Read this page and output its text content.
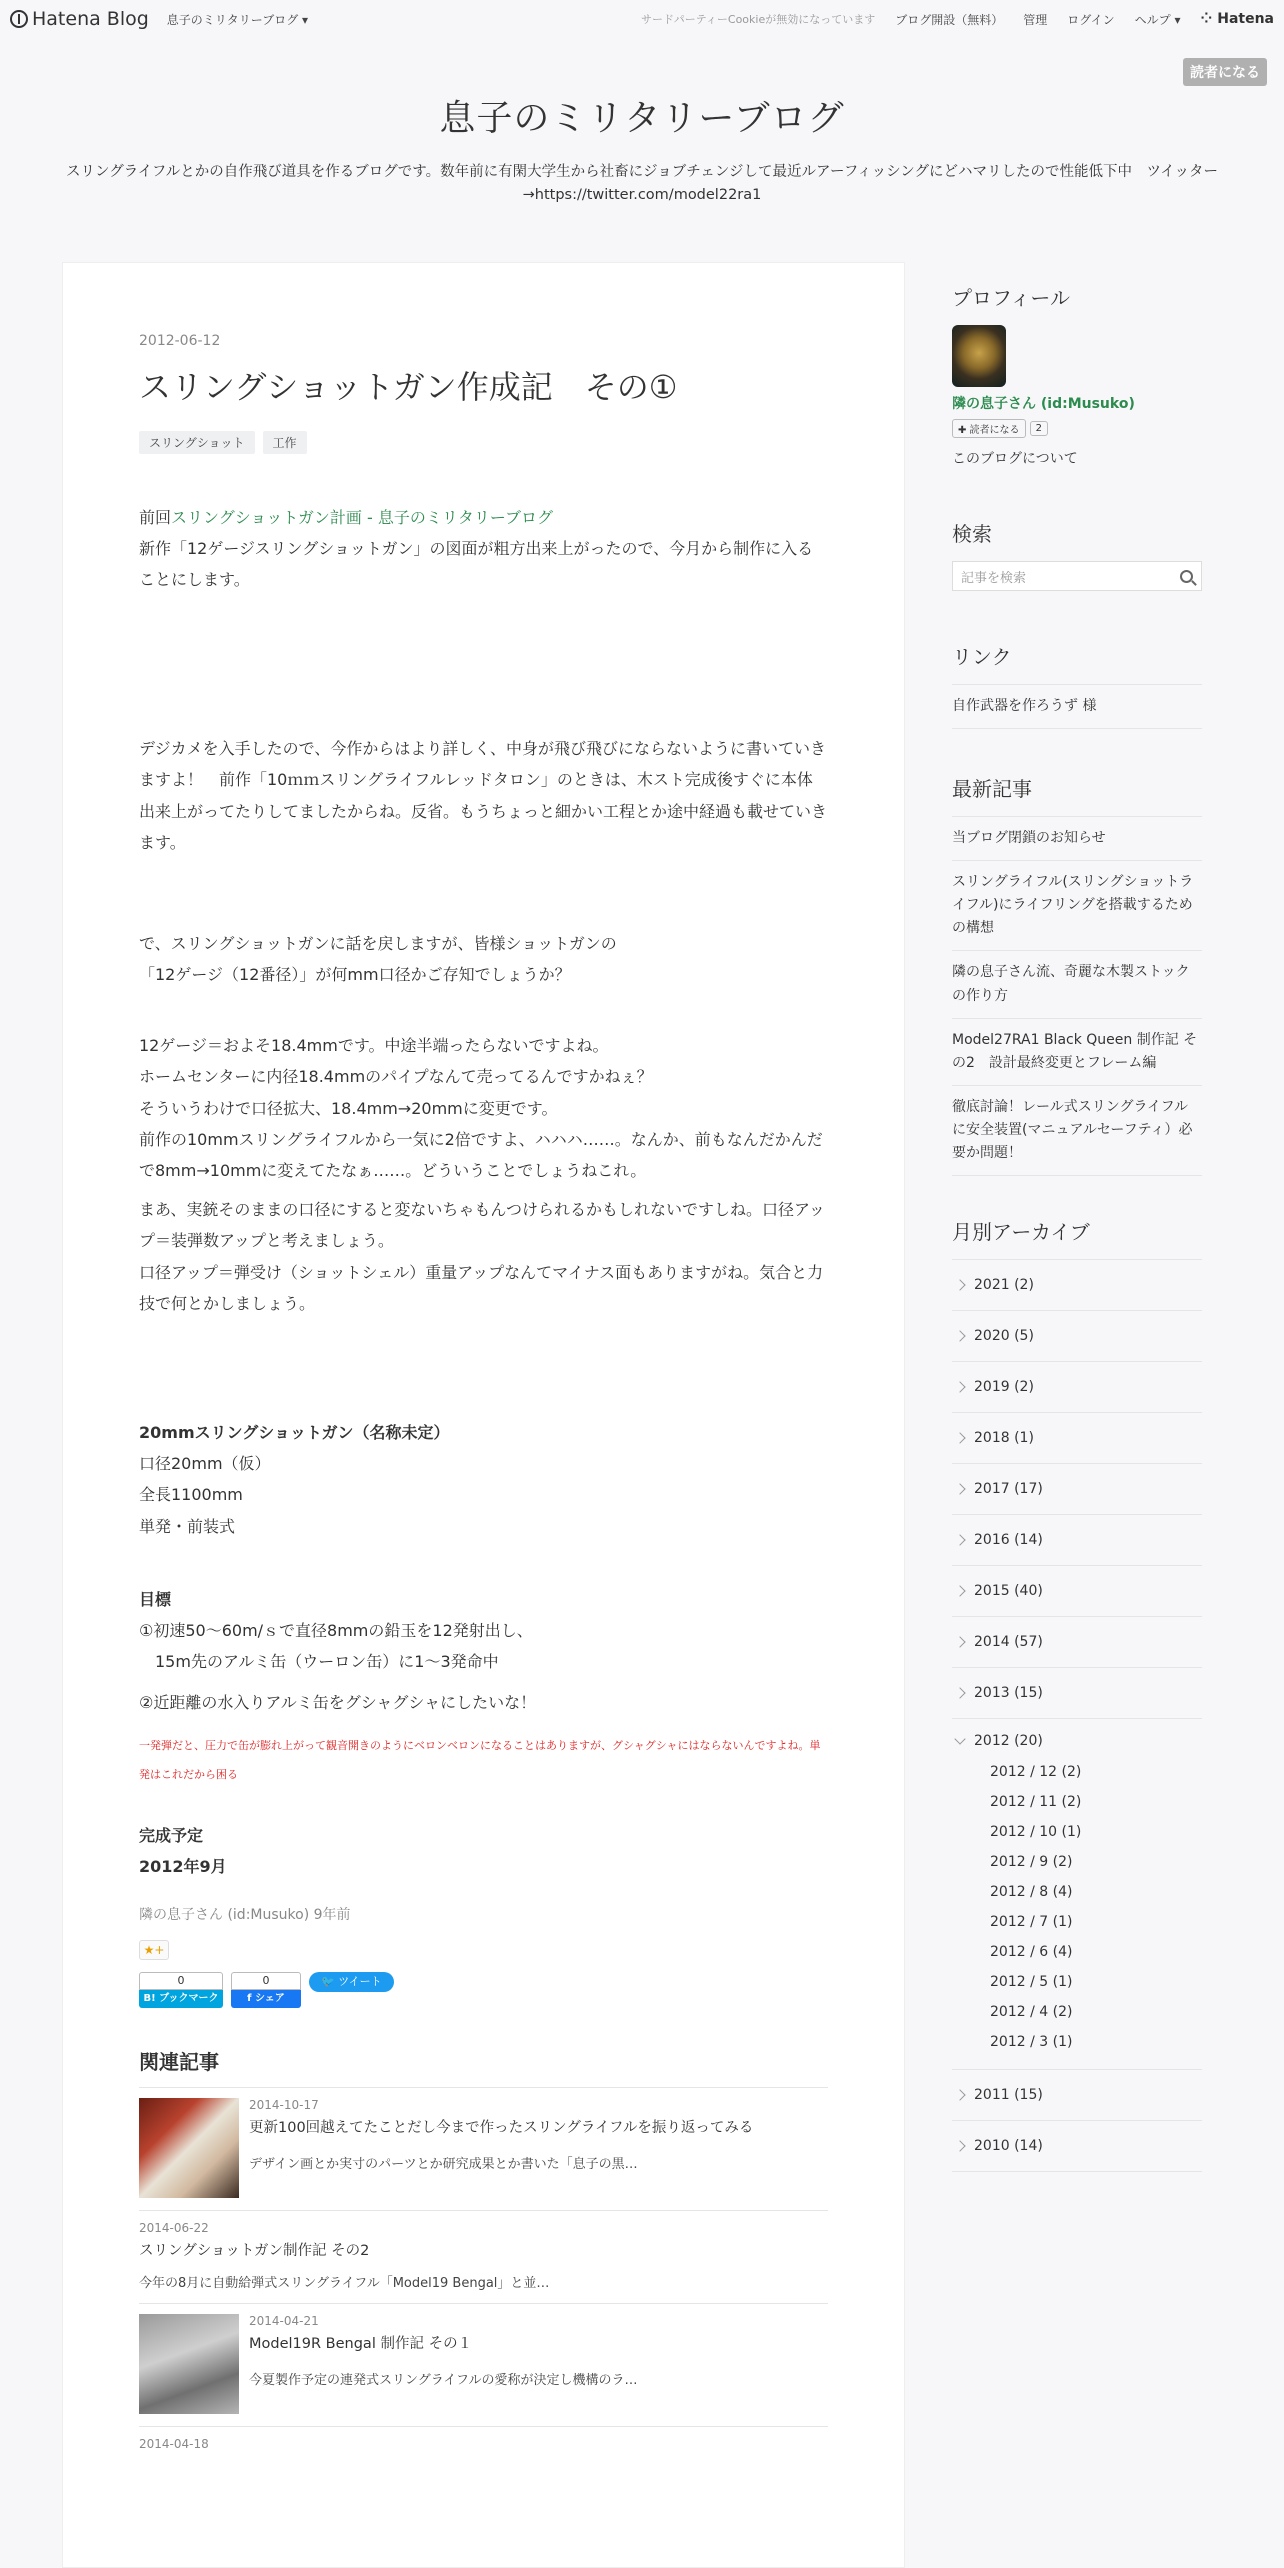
Hatena Blog 息子のミリタリーブログ ▾	サードパーティーCookieが無効になっています ブログ開設（無料） 管理 ログイン ヘルプ ▾ ⁘ Hatena
読者になる
息子のミリタリーブログ

スリングライフルとかの自作飛び道具を作るブログです。数年前に有閑大学生から社畜にジョブチェンジして最近ルアーフィッシングにどハマリしたので性能低下中　ツイッター→https://twitter.com/model22ra1

2012-06-12
スリングショットガン作成記　その①
スリングショット	工作

前回スリングショットガン計画 - 息子のミリタリーブログ

新作「12ゲージスリングショットガン」の図面が粗方出来上がったので、今月から制作に入ることにします。

デジカメを入手したので、今作からはより詳しく、中身が飛び飛びにならないように書いていきますよ！　前作「10ｍｍスリングライフルレッドタロン」のときは、木スト完成後すぐに本体出来上がってたりしてましたからね。反省。もうちょっと細かい工程とか途中経過も載せていきます。

で、スリングショットガンに話を戻しますが、皆様ショットガンの

「12ゲージ（12番径）」が何mm口径かご存知でしょうか？

12ゲージ＝およそ18.4mmです。中途半端ったらないですよね。

ホームセンターに内径18.4mmのパイプなんて売ってるんですかねぇ？

そういうわけで口径拡大、18.4mm→20mmに変更です。

前作の10mmスリングライフルから一気に2倍ですよ、ハハハ……。なんか、前もなんだかんだで8mm→10mmに変えてたなぁ……。どういうことでしょうねこれ。

まあ、実銃そのままの口径にすると変ないちゃもんつけられるかもしれないですしね。口径アップ＝装弾数アップと考えましょう。

口径アップ＝弾受け（ショットシェル）重量アップなんてマイナス面もありますがね。気合と力技で何とかしましょう。

20mmスリングショットガン（名称未定）

口径20mm（仮）

全長1100mm

単発・前装式

目標

①初速50〜60m/ｓで直径8mmの鉛玉を12発射出し、

　15m先のアルミ缶（ウーロン缶）に1〜3発命中

②近距離の水入りアルミ缶をグシャグシャにしたいな！

一発弾だと、圧力で缶が膨れ上がって観音開きのようにベロンベロンになることはありますが、グシャグシャにはならないんですよね。単発はこれだから困る

完成予定

2012年9月

隣の息子さん (id:Musuko) 9年前
★+
0
B! ブックマーク
0
f シェア
🐦 ツイート
関連記事
2014-10-17
更新100回越えてたことだし今まで作ったスリングライフルを振り返ってみる
デザイン画とか実寸のパーツとか研究成果とか書いた「息子の黒…
2014-06-22
スリングショットガン制作記 その2
今年の8月に自動給弾式スリングライフル「Model19 Bengal」と並…
2014-04-21
Model19R Bengal 制作記 その１
今夏製作予定の連発式スリングライフルの愛称が決定し機構のラ…
2014-04-18
プロフィール
隣の息子さん (id:Musuko)
✚ 読者になる	2
このブログについて
検索
記事を検索
リンク
自作武器を作ろうず 様
最新記事
当ブログ閉鎖のお知らせ
スリングライフル(スリングショットライフル)にライフリングを搭載するための構想
隣の息子さん流、奇麗な木製ストックの作り方
Model27RA1 Black Queen 制作記 その2　設計最終変更とフレーム編
徹底討論！レール式スリングライフルに安全装置(マニュアルセーフティ）必要か問題！
月別アーカイブ
2021 (2)
2020 (5)
2019 (2)
2018 (1)
2017 (17)
2016 (14)
2015 (40)
2014 (57)
2013 (15)
2012 (20)
2012 / 12 (2)
2012 / 11 (2)
2012 / 10 (1)
2012 / 9 (2)
2012 / 8 (4)
2012 / 7 (1)
2012 / 6 (4)
2012 / 5 (1)
2012 / 4 (2)
2012 / 3 (1)
2011 (15)
2010 (14)
